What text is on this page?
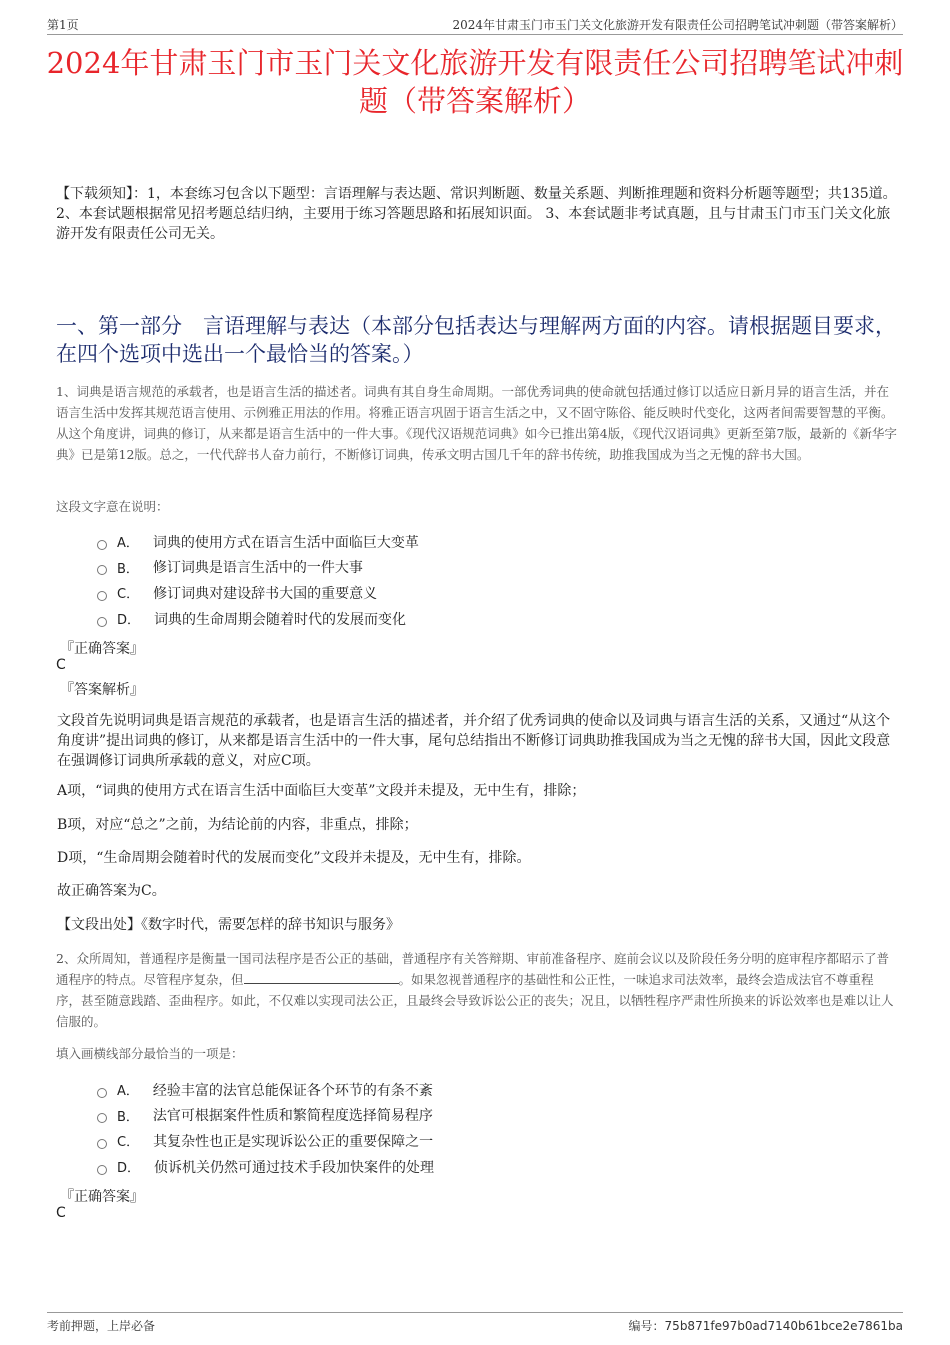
第1页	2024年甘肃玉门市玉门关文化旅游开发有限责任公司招聘笔试冲刺题（带答案解析）
2024年甘肃玉门市玉门关文化旅游开发有限责任公司招聘笔试冲刺题（带答案解析）
【下载须知】：1，本套练习包含以下题型：言语理解与表达题、常识判断题、数量关系题、判断推理题和资料分析题等题型；共135道。 2、本套试题根据常见招考题总结归纳，主要用于练习答题思路和拓展知识面。 3、本套试题非考试真题，且与甘肃玉门市玉门关文化旅游开发有限责任公司无关。
一、第一部分　言语理解与表达（本部分包括表达与理解两方面的内容。请根据题目要求，在四个选项中选出一个最恰当的答案。）
1、词典是语言规范的承载者，也是语言生活的描述者。词典有其自身生命周期。一部优秀词典的使命就包括通过修订以适应日新月异的语言生活，并在语言生活中发挥其规范语言使用、示例雅正用法的作用。将雅正语言巩固于语言生活之中，又不固守陈俗、能反映时代变化，这两者间需要智慧的平衡。从这个角度讲，词典的修订，从来都是语言生活中的一件大事。《现代汉语规范词典》如今已推出第4版，《现代汉语词典》更新至第7版，最新的《新华字典》已是第12版。总之，一代代辞书人奋力前行，不断修订词典，传承文明古国几千年的辞书传统，助推我国成为当之无愧的辞书大国。
这段文字意在说明：
A． 词典的使用方式在语言生活中面临巨大变革
B． 修订词典是语言生活中的一件大事
C． 修订词典对建设辞书大国的重要意义
D． 词典的生命周期会随着时代的发展而变化
『正确答案』
C
『答案解析』
文段首先说明词典是语言规范的承载者，也是语言生活的描述者，并介绍了优秀词典的使命以及词典与语言生活的关系，又通过“从这个角度讲”提出词典的修订，从来都是语言生活中的一件大事，尾句总结指出不断修订词典助推我国成为当之无愧的辞书大国，因此文段意在强调修订词典所承载的意义，对应C项。
A项，“词典的使用方式在语言生活中面临巨大变革”文段并未提及，无中生有，排除；
B项，对应“总之”之前，为结论前的内容，非重点，排除；
D项，“生命周期会随着时代的发展而变化”文段并未提及，无中生有，排除。
故正确答案为C。
【文段出处】《数字时代，需要怎样的辞书知识与服务》
2、众所周知，普通程序是衡量一国司法程序是否公正的基础，普通程序有关答辩期、审前准备程序、庭前会议以及阶段任务分明的庭审程序都昭示了普通程序的特点。尽管程序复杂，但	。如果忽视普通程序的基础性和公正性，一味追求司法效率，最终会造成法官不尊重程序，甚至随意践踏、歪曲程序。如此，不仅难以实现司法公正，且最终会导致诉讼公正的丧失；况且，以牺牲程序严肃性所换来的诉讼效率也是难以让人信服的。
填入画横线部分最恰当的一项是：
A． 经验丰富的法官总能保证各个环节的有条不紊
B． 法官可根据案件性质和繁简程度选择简易程序
C． 其复杂性也正是实现诉讼公正的重要保障之一
D． 侦诉机关仍然可通过技术手段加快案件的处理
『正确答案』
C
考前押题，上岸必备	编号：75b871fe97b0ad7140b61bce2e7861ba
